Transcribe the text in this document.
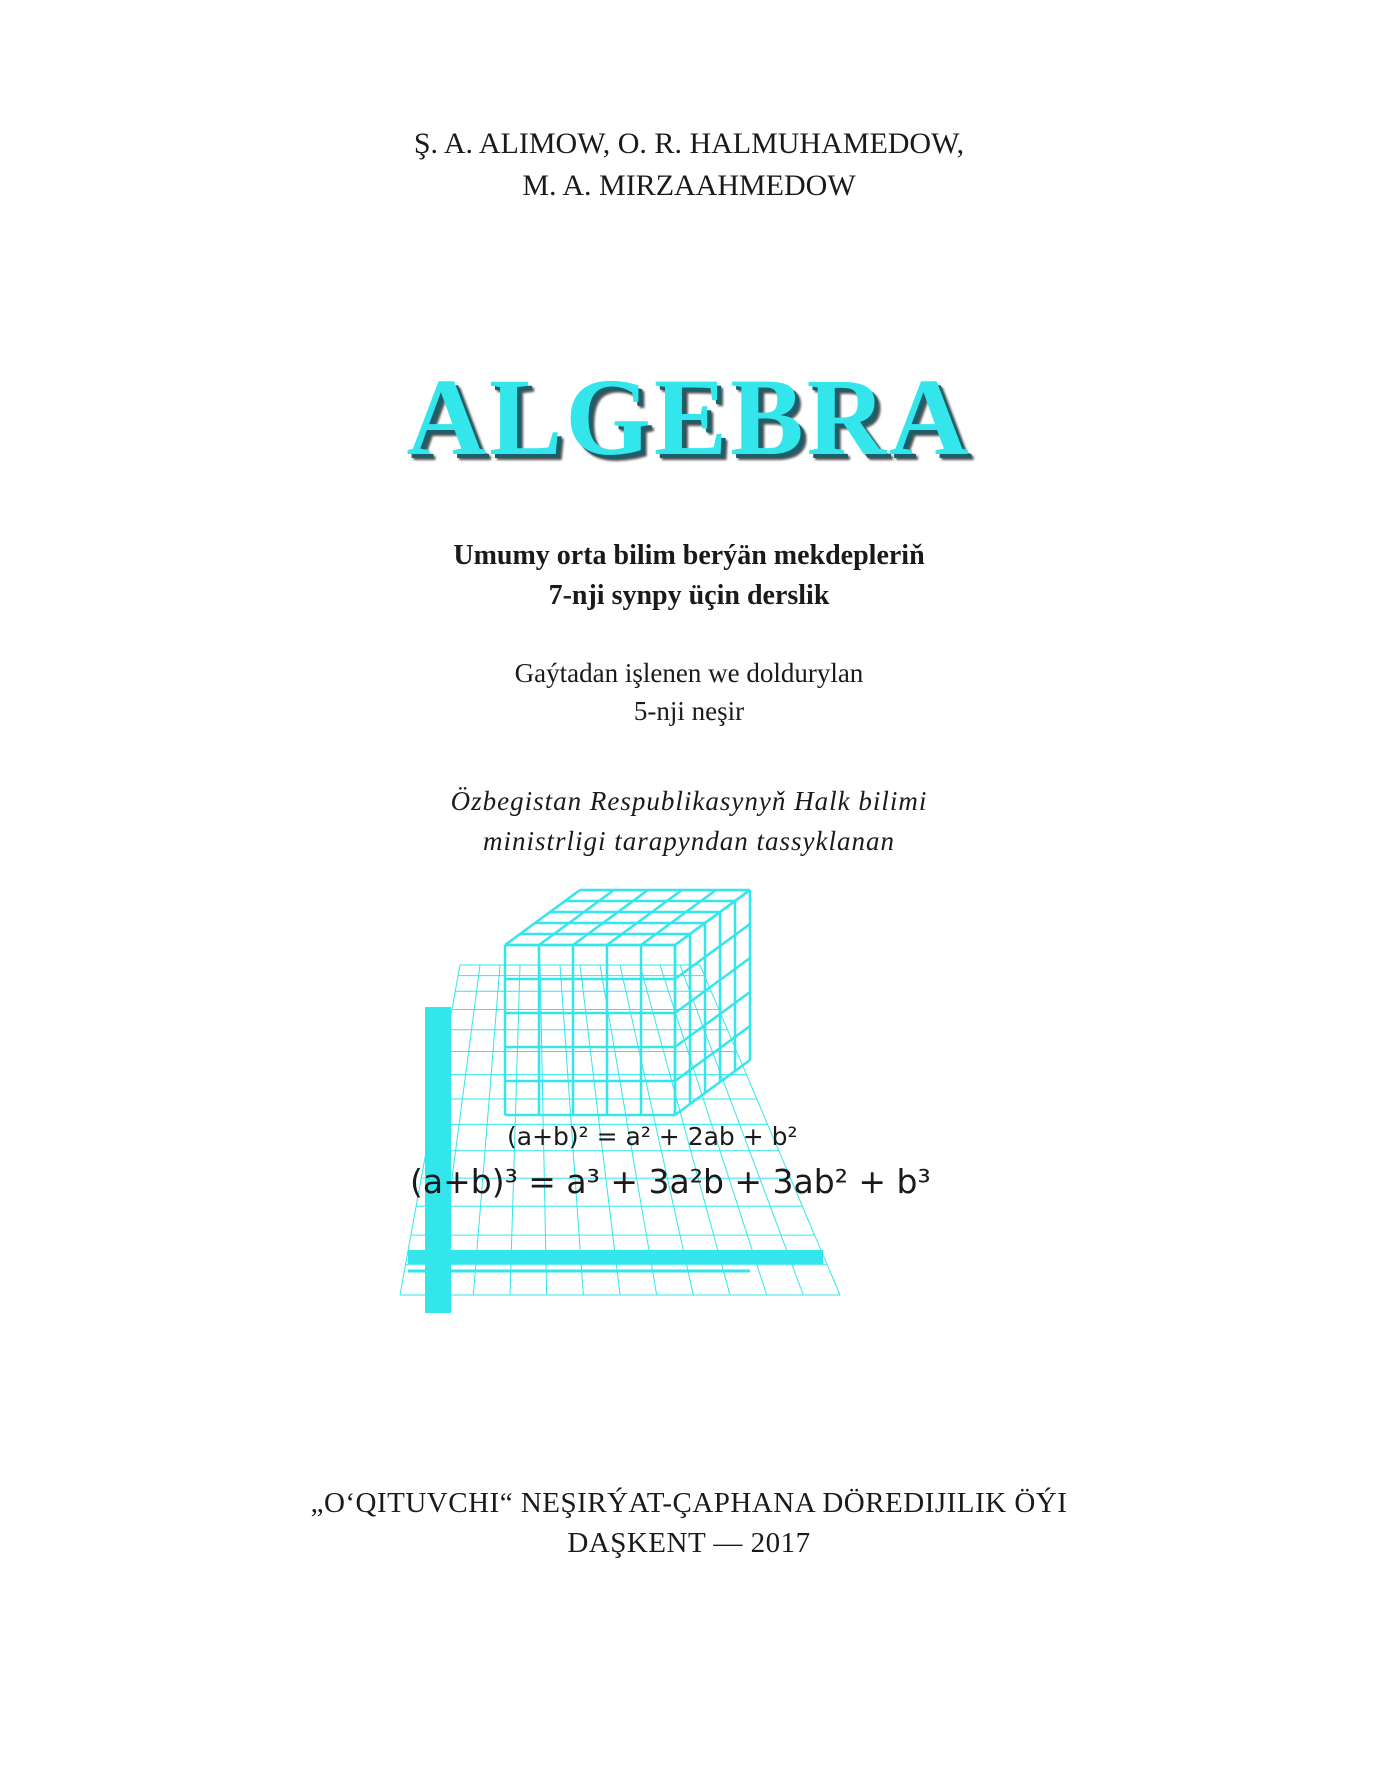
Ş. A. ALIMOW, O. R. HALMUHAMEDOW,
M. A. MIRZAAHMEDOW
ALGEBRA
Umumy orta bilim berýän mekdepleriň
7-nji synpy üçin derslik
Gaýtadan işlenen we doldurylan
5-nji neşir
Özbegistan Respublikasynyň Halk bilimi
ministrligi tarapyndan tassyklanan
(a+b)² = a² + 2ab + b²
(a+b)³ = a³ + 3a²b + 3ab² + b³
„O‘QITUVCHI“ NEŞIRÝAT-ÇAPHANA DÖREDIJILIK ÖÝI
DAŞKENT — 2017
